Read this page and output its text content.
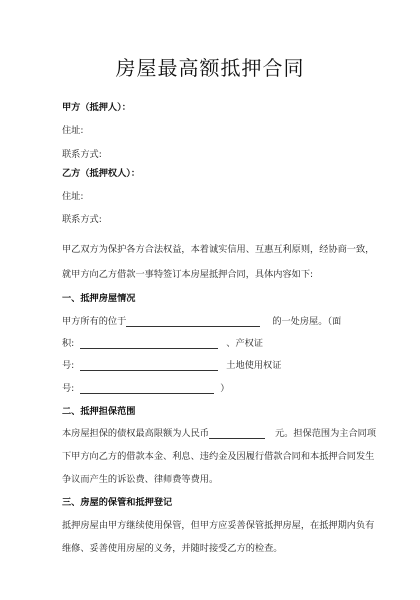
房屋最高额抵押合同
甲方（抵押人）：
住址:
联系方式:
乙方（抵押权人）：
住址:
联系方式:
甲乙双方为保护各方合法权益，本着诚实信用、互惠互利原则，经协商一致，
就甲方向乙方借款一事特签订本房屋抵押合同，具体内容如下:
一、抵押房屋情况
甲方所有的位于	的一处房屋。（面
积:	、产权证
号:	土地使用权证
号:	）
二、抵押担保范围
本房屋担保的债权最高限额为人民币	元。担保范围为主合同项
下甲方向乙方的借款本金、利息、违约金及因履行借款合同和本抵押合同发生
争议而产生的诉讼费、律师费等费用。
三、房屋的保管和抵押登记
抵押房屋由甲方继续使用保管，但甲方应妥善保管抵押房屋，在抵押期内负有
维修、妥善使用房屋的义务，并随时接受乙方的检查。
